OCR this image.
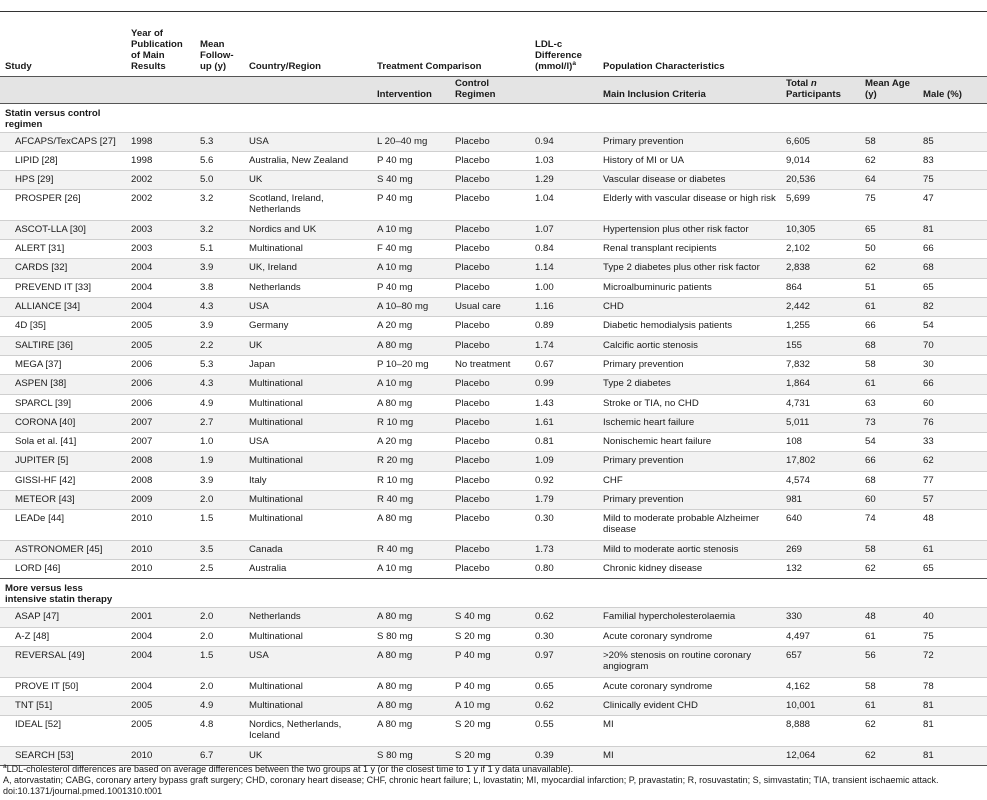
Study	Year of Publication of Main Results	Mean Follow-up (y)	Country/Region	Treatment Comparison		LDL-c Difference (mmol/l)$^a$	Population Characteristics			
				Intervention	Control Regimen		Main Inclusion Criteria	Total n Participants	Mean Age (y)	Male (%)
Statin versus control regimen										
AFCAPS/TexCAPS [27]	1998	5.3	USA	L 20–40 mg	Placebo	0.94	Primary prevention	6,605	58	85
LIPID [28]	1998	5.6	Australia, New Zealand	P 40 mg	Placebo	1.03	History of MI or UA	9,014	62	83
HPS [29]	2002	5.0	UK	S 40 mg	Placebo	1.29	Vascular disease or diabetes	20,536	64	75
PROSPER [26]	2002	3.2	Scotland, Ireland, Netherlands	P 40 mg	Placebo	1.04	Elderly with vascular disease or high risk	5,699	75	47
ASCOT-LLA [30]	2003	3.2	Nordics and UK	A 10 mg	Placebo	1.07	Hypertension plus other risk factor	10,305	65	81
ALERT [31]	2003	5.1	Multinational	F 40 mg	Placebo	0.84	Renal transplant recipients	2,102	50	66
CARDS [32]	2004	3.9	UK, Ireland	A 10 mg	Placebo	1.14	Type 2 diabetes plus other risk factor	2,838	62	68
PREVEND IT [33]	2004	3.8	Netherlands	P 40 mg	Placebo	1.00	Microalbuminuric patients	864	51	65
ALLIANCE [34]	2004	4.3	USA	A 10–80 mg	Usual care	1.16	CHD	2,442	61	82
4D [35]	2005	3.9	Germany	A 20 mg	Placebo	0.89	Diabetic hemodialysis patients	1,255	66	54
SALTIRE [36]	2005	2.2	UK	A 80 mg	Placebo	1.74	Calcific aortic stenosis	155	68	70
MEGA [37]	2006	5.3	Japan	P 10–20 mg	No treatment	0.67	Primary prevention	7,832	58	30
ASPEN [38]	2006	4.3	Multinational	A 10 mg	Placebo	0.99	Type 2 diabetes	1,864	61	66
SPARCL [39]	2006	4.9	Multinational	A 80 mg	Placebo	1.43	Stroke or TIA, no CHD	4,731	63	60
CORONA [40]	2007	2.7	Multinational	R 10 mg	Placebo	1.61	Ischemic heart failure	5,011	73	76
Sola et al. [41]	2007	1.0	USA	A 20 mg	Placebo	0.81	Nonischemic heart failure	108	54	33
JUPITER [5]	2008	1.9	Multinational	R 20 mg	Placebo	1.09	Primary prevention	17,802	66	62
GISSI-HF [42]	2008	3.9	Italy	R 10 mg	Placebo	0.92	CHF	4,574	68	77
METEOR [43]	2009	2.0	Multinational	R 40 mg	Placebo	1.79	Primary prevention	981	60	57
LEADe [44]	2010	1.5	Multinational	A 80 mg	Placebo	0.30	Mild to moderate probable Alzheimer disease	640	74	48
ASTRONOMER [45]	2010	3.5	Canada	R 40 mg	Placebo	1.73	Mild to moderate aortic stenosis	269	58	61
LORD [46]	2010	2.5	Australia	A 10 mg	Placebo	0.80	Chronic kidney disease	132	62	65
More versus less intensive statin therapy										
ASAP [47]	2001	2.0	Netherlands	A 80 mg	S 40 mg	0.62	Familial hypercholesterolaemia	330	48	40
A-Z [48]	2004	2.0	Multinational	S 80 mg	S 20 mg	0.30	Acute coronary syndrome	4,497	61	75
REVERSAL [49]	2004	1.5	USA	A 80 mg	P 40 mg	0.97	>20% stenosis on routine coronary angiogram	657	56	72
PROVE IT [50]	2004	2.0	Multinational	A 80 mg	P 40 mg	0.65	Acute coronary syndrome	4,162	58	78
TNT [51]	2005	4.9	Multinational	A 80 mg	A 10 mg	0.62	Clinically evident CHD	10,001	61	81
IDEAL [52]	2005	4.8	Nordics, Netherlands, Iceland	A 80 mg	S 20 mg	0.55	MI	8,888	62	81
SEARCH [53]	2010	6.7	UK	S 80 mg	S 20 mg	0.39	MI	12,064	62	81
$^a$LDL-cholesterol differences are based on average differences between the two groups at 1 y (or the closest time to 1 y if 1 y data unavailable).
A, atorvastatin; CABG, coronary artery bypass graft surgery; CHD, coronary heart disease; CHF, chronic heart failure; L, lovastatin; MI, myocardial infarction; P, pravastatin; R, rosuvastatin; S, simvastatin; TIA, transient ischaemic attack.
doi:10.1371/journal.pmed.1001310.t001
